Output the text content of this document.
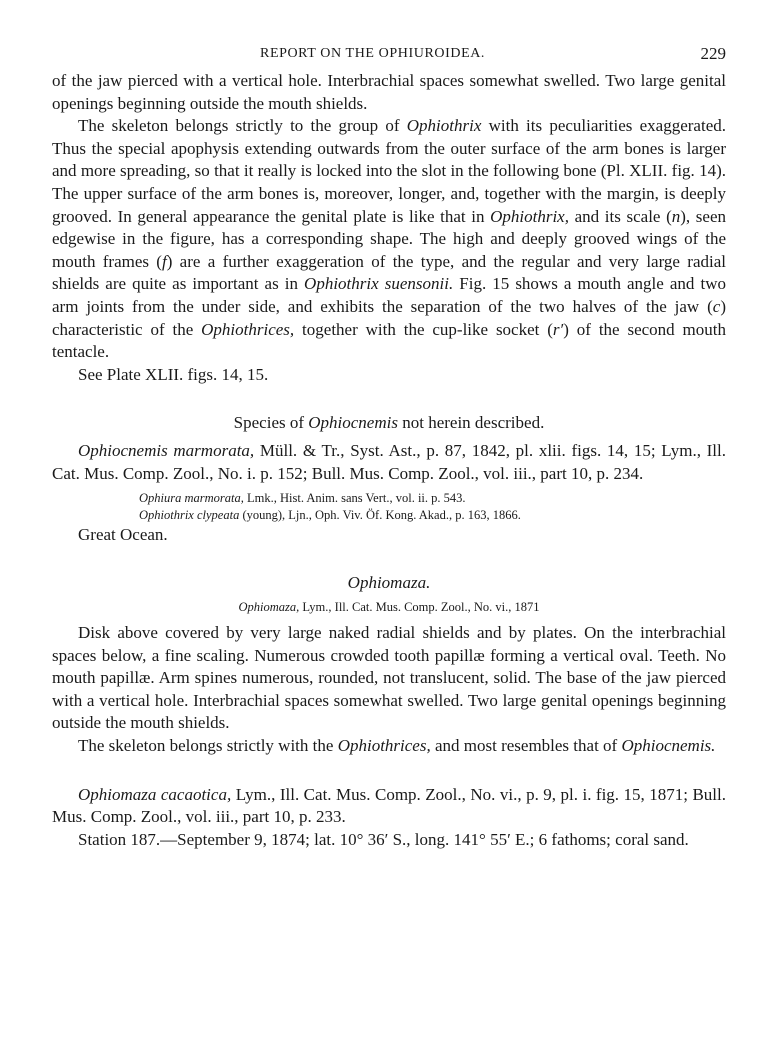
REPORT ON THE OPHIUROIDEA.	229

of the jaw pierced with a vertical hole. Interbrachial spaces somewhat swelled. Two large genital openings beginning outside the mouth shields.

The skeleton belongs strictly to the group of Ophiothrix with its peculiarities exaggerated. Thus the special apophysis extending outwards from the outer surface of the arm bones is larger and more spreading, so that it really is locked into the slot in the following bone (Pl. XLII. fig. 14). The upper surface of the arm bones is, moreover, longer, and, together with the margin, is deeply grooved. In general appearance the genital plate is like that in Ophiothrix, and its scale (n), seen edgewise in the figure, has a corresponding shape. The high and deeply grooved wings of the mouth frames (f) are a further exaggeration of the type, and the regular and very large radial shields are quite as important as in Ophiothrix suensonii. Fig. 15 shows a mouth angle and two arm joints from the under side, and exhibits the separation of the two halves of the jaw (c) characteristic of the Ophiothrices, together with the cup-like socket (r′) of the second mouth tentacle.

See Plate XLII. figs. 14, 15.

Species of Ophiocnemis not herein described.

Ophiocnemis marmorata, Müll. & Tr., Syst. Ast., p. 87, 1842, pl. xlii. figs. 14, 15; Lym., Ill. Cat. Mus. Comp. Zool., No. i. p. 152; Bull. Mus. Comp. Zool., vol. iii., part 10, p. 234.

Ophiura marmorata, Lmk., Hist. Anim. sans Vert., vol. ii. p. 543.

Ophiothrix clypeata (young), Ljn., Oph. Viv. Öf. Kong. Akad., p. 163, 1866.

Great Ocean.

Ophiomaza.

Ophiomaza, Lym., Ill. Cat. Mus. Comp. Zool., No. vi., 1871

Disk above covered by very large naked radial shields and by plates. On the interbrachial spaces below, a fine scaling. Numerous crowded tooth papillæ forming a vertical oval. Teeth. No mouth papillæ. Arm spines numerous, rounded, not translucent, solid. The base of the jaw pierced with a vertical hole. Interbrachial spaces somewhat swelled. Two large genital openings beginning outside the mouth shields.

The skeleton belongs strictly with the Ophiothrices, and most resembles that of Ophiocnemis.

Ophiomaza cacaotica, Lym., Ill. Cat. Mus. Comp. Zool., No. vi., p. 9, pl. i. fig. 15, 1871; Bull. Mus. Comp. Zool., vol. iii., part 10, p. 233.

Station 187.—September 9, 1874; lat. 10° 36′ S., long. 141° 55′ E.; 6 fathoms; coral sand.
